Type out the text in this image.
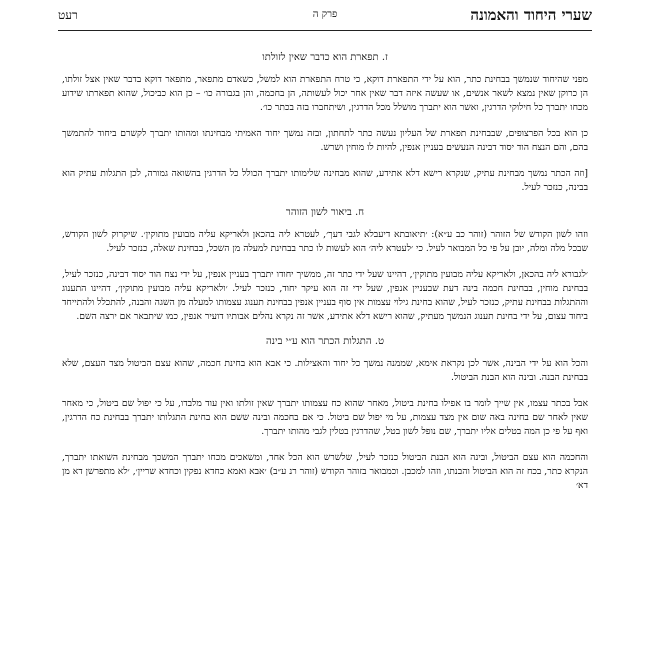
שערי היחוד והאמונה
פרק ה
רעט
ז. תפארת הוא כדבר שאין לזולתו

מפני שהיחוד שנמשך בבחינת כתר, הוא על ידי התפארת דוקא, כי טרח התפארת הוא למשל, כשאדם מתפאר, מתפאר דוקא בדבר שאין אצל זולתו, הן כרוקן שאין נמצא לשאר אנשים, או שעשה איזה דבר שאין אחר יכול לעשותה, הן בחכמה, והן בגבורה כו׳ – כן הוא כביכול, שהוא תפארתו שידוע מכחו יתברך כל חילוקי הדרגין, ואשר הוא יתברך מושלל מכל הדרגין, ושיתחברו בזה בכתר כו׳.

כן הוא בכל הפרצופים, שבבחינת תפארת של העליון נעשה כתר לתחתון, ובזה נמשך יחוד האמיתי מבחינתו ומהותו יתברך לקשרם ביחוד להתמשך בהם, והם הנצח הוד יסוד דבינה הנעשים בעניין אנפין, להיות לו מוחין ושרש.

[וזה הכתר נמשך מבחינת עתיק, שנקרא רישא דלא אתידע, שהוא מבחינה שלימותו יתברך הכולל כל הדרגין בהשואה גמורה, לכן התגלות עתיק הוא בבינה, כנזכר לעיל.

ח. ביאור לשון הזוהר

וזהו לשון הקודש של הזוהר (זוהר כב ע״א): ׳תיאובתא דיעבלא לגבי דעך׳, לעטרא ליה בהכאן ולאריקא עליה מבועין מתוקין׳. שיקרוק לשון הקודש, שבכל מלה ומלה, יובן על פי כל המבואר לעיל. כי ׳לעטרא ליה׳ הוא לעשות לו כתר בבחינת למעלה מן השכל, בבחינת שאלה, כנזכר לעיל.

׳לגבורא ליה בהכאן, ולאריקא עליה מבועין מתוקין׳, דהיינו שעל ידי כתר זה, ממשיך יחודו יתברך בעניין אנפין, על ידי נצח הוד יסוד דבינה, כנזכר לעיל, בבחינת מוחין, בבחינת חכמה בינה דעת שבעניין אנפין, שעל ידי זה הוא עיקר יחוד, כנזכר לעיל. ׳ולאריקא עליה מבועין מתוקין׳, דהיינו התענוג וההתגלות בבחינת עתיק, כנזכר לעיל, שהוא בחינת גילוי עצמות אין סוף בעניין אנפין בבחינת תענוג עצמותו למעלה מן השגה והבנה, להתכלל ולהתייחד ביחוד עצום, על ידי בחינת תענוג הנמשך מעתיק, שהוא רישא דלא אתידע, אשר זה נקרא נהלים אבותיו דועיר אנפין, כמו שיתבאר אם ירצה השם.

ט. התגלות הכתר הוא ע״י בינה

והכל הוא על ידי הבינה, אשר לכן נקראת אימא, שממנה נמשך כל יחוד והאצילות. כי אבא הוא בחינת חכמה, שהוא עצם הביטול מצד העצם, שלא בבחינת הבנה. ובינה הוא הבנת הביטול.

אבל בכתר עצמו, אין שייך לומר בו אפילו בחינת ביטול, מאחר שהוא כח עצמותו יתברך שאין זולתו ואין עוד מלבדו, על כי יפול שם ביטול, כי מאחר שאין לאחר שם בחינה באה שום אין מצד עצמות, על מי יפול שם ביטול. כי אם בחכמה ובינה ששם הוא בחינת התגלותו יתברך בבחינת כח הדרגין, ואף על פי כן המה בטלים אליו יתברך, שם נופל לשון בטל, שהדרגין בטלין לגבי מהותו יתברך.

והחכמה הוא עצם הביטול, ובינה הוא הבנת הביטול כנזכר לעיל, שלשרש הוא הכל אחד, ומשאכים מכחו יתברך המשכך מבחינת השואתו יתברך, הנקרא כתר, בכח זה הוא הביטול והבנתו, וזהו למכבן. וכמבואר בזוהר הקודש (זוהר רנ ע״ב) ׳אבא ואמא כחדא נפקין וכחדא שריין׳, ׳לא מתפרשן דא מן דא׳
